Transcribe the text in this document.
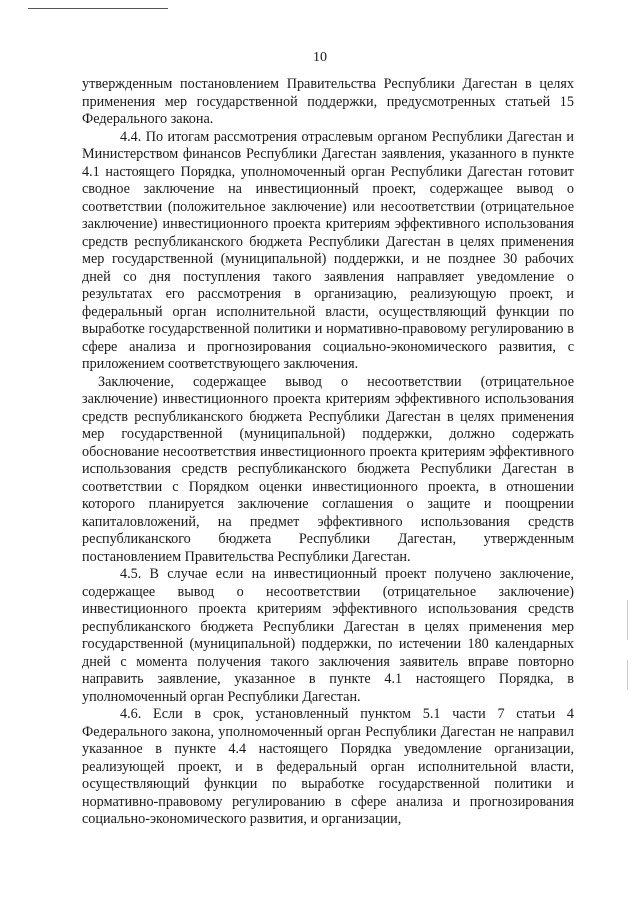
10

утвержденным постановлением Правительства Республики Дагестан в целях применения мер государственной поддержки, предусмотренных статьей 15 Федерального закона.

4.4. По итогам рассмотрения отраслевым органом Республики Дагестан и Министерством финансов Республики Дагестан заявления, указанного в пункте 4.1 настоящего Порядка, уполномоченный орган Республики Дагестан готовит сводное заключение на инвестиционный проект, содержащее вывод о соответствии (положительное заключение) или несоответствии (отрицательное заключение) инвестиционного проекта критериям эффективного использования средств республиканского бюджета Республики Дагестан в целях применения мер государственной (муниципальной) поддержки, и не позднее 30 рабочих дней со дня поступления такого заявления направляет уведомление о результатах его рассмотрения в организацию, реализующую проект, и федеральный орган исполнительной власти, осуществляющий функции по выработке государственной политики и нормативно-правовому регулированию в сфере анализа и прогнозирования социально-экономического развития, с приложением соответствующего заключения.

Заключение, содержащее вывод о несоответствии (отрицательное заключение) инвестиционного проекта критериям эффективного использования средств республиканского бюджета Республики Дагестан в целях применения мер государственной (муниципальной) поддержки, должно содержать обоснование несоответствия инвестиционного проекта критериям эффективного использования средств республиканского бюджета Республики Дагестан в соответствии с Порядком оценки инвестиционного проекта, в отношении которого планируется заключение соглашения о защите и поощрении капиталовложений, на предмет эффективного использования средств республиканского бюджета Республики Дагестан, утвержденным постановлением Правительства Республики Дагестан.

4.5. В случае если на инвестиционный проект получено заключение, содержащее вывод о несоответствии (отрицательное заключение) инвестиционного проекта критериям эффективного использования средств республиканского бюджета Республики Дагестан в целях применения мер государственной (муниципальной) поддержки, по истечении 180 календарных дней с момента получения такого заключения заявитель вправе повторно направить заявление, указанное в пункте 4.1 настоящего Порядка, в уполномоченный орган Республики Дагестан.

4.6. Если в срок, установленный пунктом 5.1 части 7 статьи 4 Федерального закона, уполномоченный орган Республики Дагестан не направил указанное в пункте 4.4 настоящего Порядка уведомление организации, реализующей проект, и в федеральный орган исполнительной власти, осуществляющий функции по выработке государственной политики и нормативно-правовому регулированию в сфере анализа и прогнозирования социально-экономического развития, и организации,
